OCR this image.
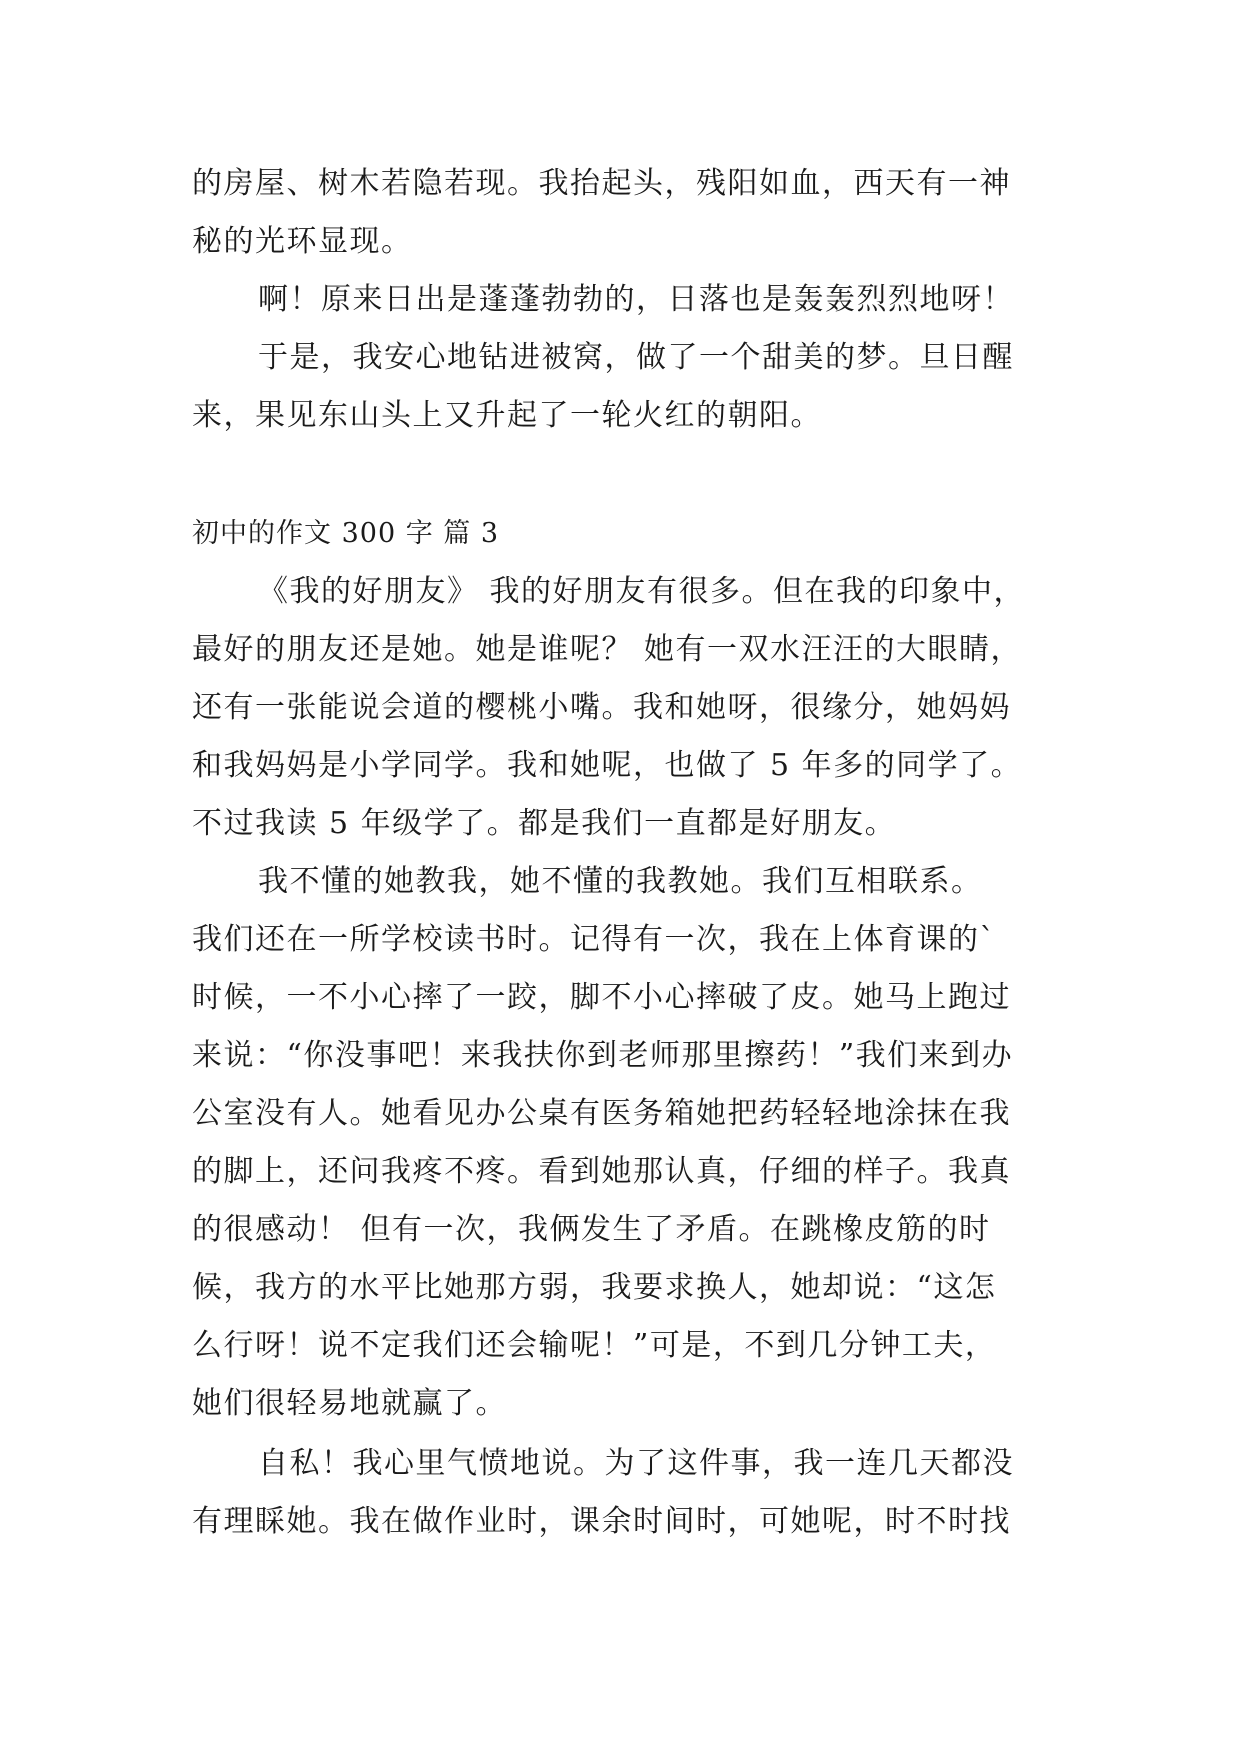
的房屋、树木若隐若现。我抬起头，残阳如血，西天有一神
秘的光环显现。
啊！原来日出是蓬蓬勃勃的，日落也是轰轰烈烈地呀！
于是，我安心地钻进被窝，做了一个甜美的梦。旦日醒
来，果见东山头上又升起了一轮火红的朝阳。
初中的作文 300 字 篇 3
《我的好朋友》 我的好朋友有很多。但在我的印象中，
最好的朋友还是她。她是谁呢？ 她有一双水汪汪的大眼睛，
还有一张能说会道的樱桃小嘴。我和她呀，很缘分，她妈妈
和我妈妈是小学同学。我和她呢，也做了 5 年多的同学了。
不过我读 5 年级学了。都是我们一直都是好朋友。
我不懂的她教我，她不懂的我教她。我们互相联系。
我们还在一所学校读书时。记得有一次，我在上体育课的`
时候，一不小心摔了一跤，脚不小心摔破了皮。她马上跑过
来说：“你没事吧！来我扶你到老师那里擦药！”我们来到办
公室没有人。她看见办公桌有医务箱她把药轻轻地涂抹在我
的脚上，还问我疼不疼。看到她那认真，仔细的样子。我真
的很感动！ 但有一次，我俩发生了矛盾。在跳橡皮筋的时
候，我方的水平比她那方弱，我要求换人，她却说：“这怎
么行呀！说不定我们还会输呢！”可是，不到几分钟工夫，
她们很轻易地就赢了。
自私！我心里气愤地说。为了这件事，我一连几天都没
有理睬她。我在做作业时，课余时间时，可她呢，时不时找
